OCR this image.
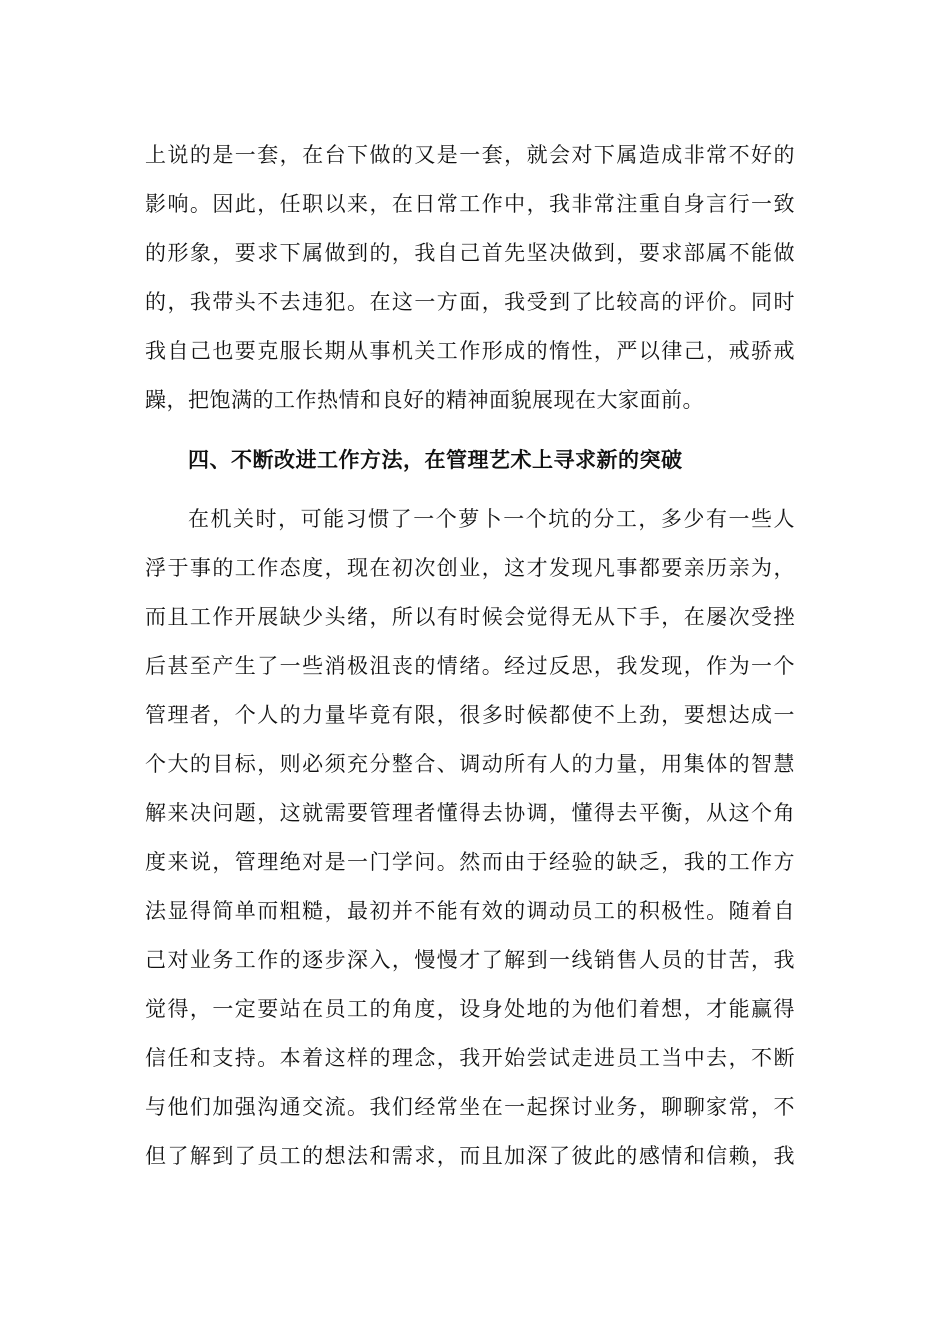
上说的是一套，在台下做的又是一套，就会对下属造成非常不好的
影响。因此，任职以来，在日常工作中，我非常注重自身言行一致
的形象，要求下属做到的，我自己首先坚决做到，要求部属不能做
的，我带头不去违犯。在这一方面，我受到了比较高的评价。同时
我自己也要克服长期从事机关工作形成的惰性，严以律己，戒骄戒
躁，把饱满的工作热情和良好的精神面貌展现在大家面前。
四、不断改进工作方法，在管理艺术上寻求新的突破
在机关时，可能习惯了一个萝卜一个坑的分工，多少有一些人
浮于事的工作态度，现在初次创业，这才发现凡事都要亲历亲为，
而且工作开展缺少头绪，所以有时候会觉得无从下手，在屡次受挫
后甚至产生了一些消极沮丧的情绪。经过反思，我发现，作为一个
管理者，个人的力量毕竟有限，很多时候都使不上劲，要想达成一
个大的目标，则必须充分整合、调动所有人的力量，用集体的智慧
解来决问题，这就需要管理者懂得去协调，懂得去平衡，从这个角
度来说，管理绝对是一门学问。然而由于经验的缺乏，我的工作方
法显得简单而粗糙，最初并不能有效的调动员工的积极性。随着自
己对业务工作的逐步深入，慢慢才了解到一线销售人员的甘苦，我
觉得，一定要站在员工的角度，设身处地的为他们着想，才能赢得
信任和支持。本着这样的理念，我开始尝试走进员工当中去，不断
与他们加强沟通交流。我们经常坐在一起探讨业务，聊聊家常，不
但了解到了员工的想法和需求，而且加深了彼此的感情和信赖，我
